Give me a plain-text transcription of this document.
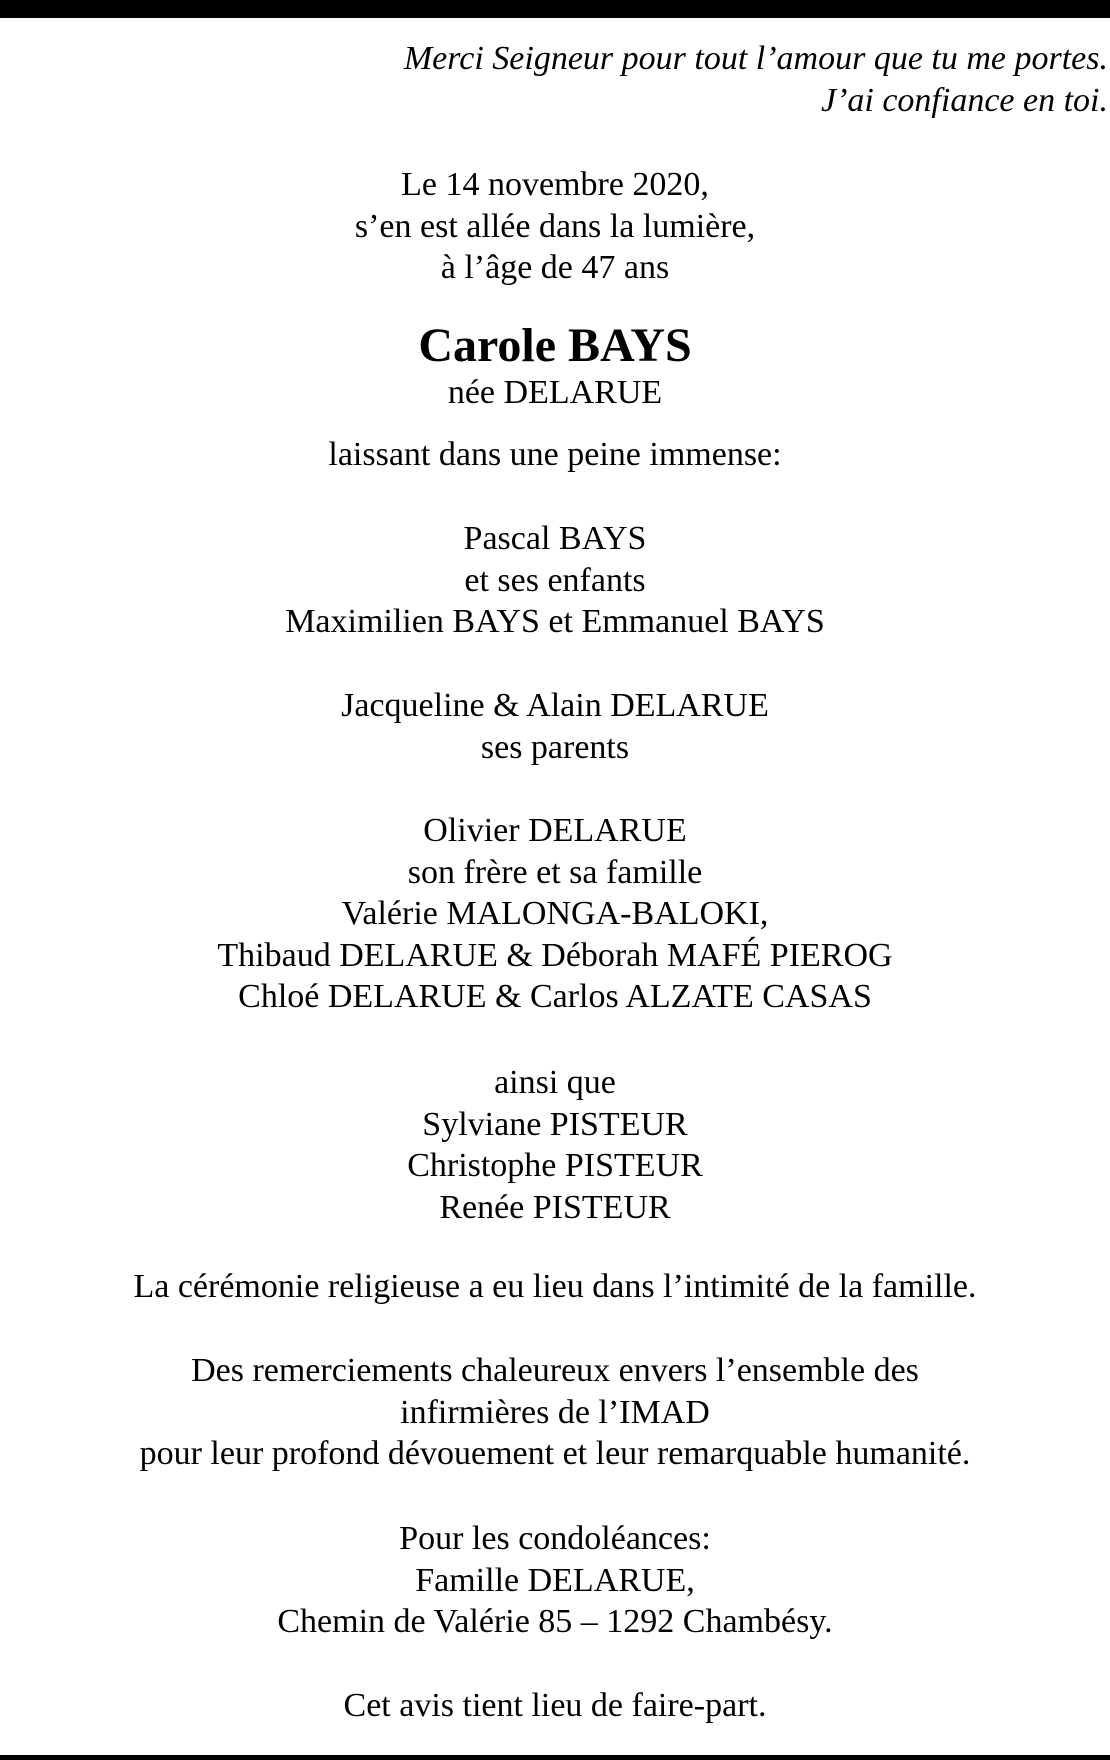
Merci Seigneur pour tout l’amour que tu me portes.
J’ai confiance en toi.
Le 14 novembre 2020,
s’en est allée dans la lumière,
à l’âge de 47 ans
Carole BAYS
née DELARUE
laissant dans une peine immense:
Pascal BAYS
et ses enfants
Maximilien BAYS et Emmanuel BAYS
Jacqueline & Alain DELARUE
ses parents
Olivier DELARUE
son frère et sa famille
Valérie MALONGA-BALOKI,
Thibaud DELARUE & Déborah MAFÉ PIEROG
Chloé DELARUE & Carlos ALZATE CASAS
ainsi que
Sylviane PISTEUR
Christophe PISTEUR
Renée PISTEUR
La cérémonie religieuse a eu lieu dans l’intimité de la famille.
Des remerciements chaleureux envers l’ensemble des
infirmières de l’IMAD
pour leur profond dévouement et leur remarquable humanité.
Pour les condoléances:
Famille DELARUE,
Chemin de Valérie 85 – 1292 Chambésy.
Cet avis tient lieu de faire-part.
